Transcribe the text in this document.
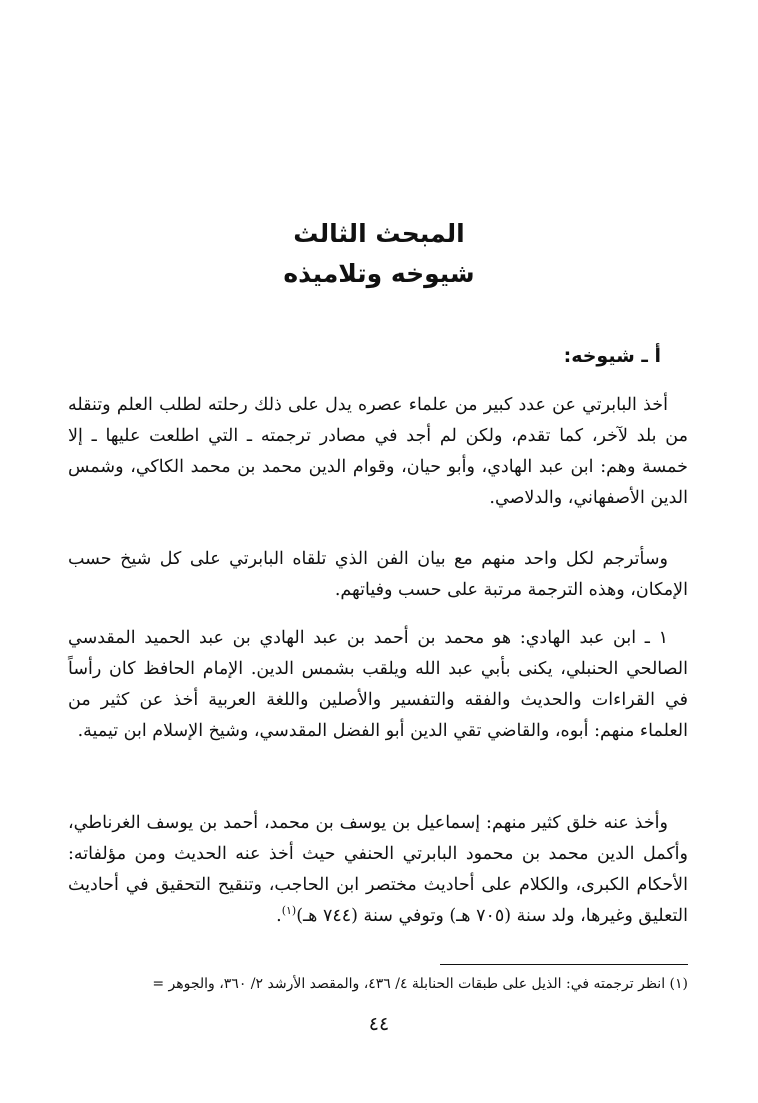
المبحث الثالث
شيوخه وتلاميذه
أ ـ شيوخه:

أخذ البابرتي عن عدد كبير من علماء عصره يدل على ذلك رحلته لطلب العلم وتنقله من بلد لآخر، كما تقدم، ولكن لم أجد في مصادر ترجمته ـ التي اطلعت عليها ـ إلا خمسة وهم: ابن عبد الهادي، وأبو حيان، وقوام الدين محمد بن محمد الكاكي، وشمس الدين الأصفهاني، والدلاصي.

وسأترجم لكل واحد منهم مع بيان الفن الذي تلقاه البابرتي على كل شيخ حسب الإمكان، وهذه الترجمة مرتبة على حسب وفياتهم.

١ ـ ابن عبد الهادي: هو محمد بن أحمد بن عبد الهادي بن عبد الحميد المقدسي الصالحي الحنبلي، يكنى بأبي عبد الله ويلقب بشمس الدين. الإمام الحافظ كان رأساً في القراءات والحديث والفقه والتفسير والأصلين واللغة العربية أخذ عن كثير من العلماء منهم: أبوه، والقاضي تقي الدين أبو الفضل المقدسي، وشيخ الإسلام ابن تيمية.

وأخذ عنه خلق كثير منهم: إسماعيل بن يوسف بن محمد، أحمد بن يوسف الغرناطي، وأكمل الدين محمد بن محمود البابرتي الحنفي حيث أخذ عنه الحديث ومن مؤلفاته: الأحكام الكبرى، والكلام على أحاديث مختصر ابن الحاجب، وتنقيح التحقيق في أحاديث التعليق وغيرها، ولد سنة (٧٠٥ هـ) وتوفي سنة (٧٤٤ هـ)$^{(١)}$.

(١) انظر ترجمته في: الذيل على طبقات الحنابلة ٤/ ٤٣٦، والمقصد الأرشد ٢/ ٣٦٠، والجوهر =
٤٤
